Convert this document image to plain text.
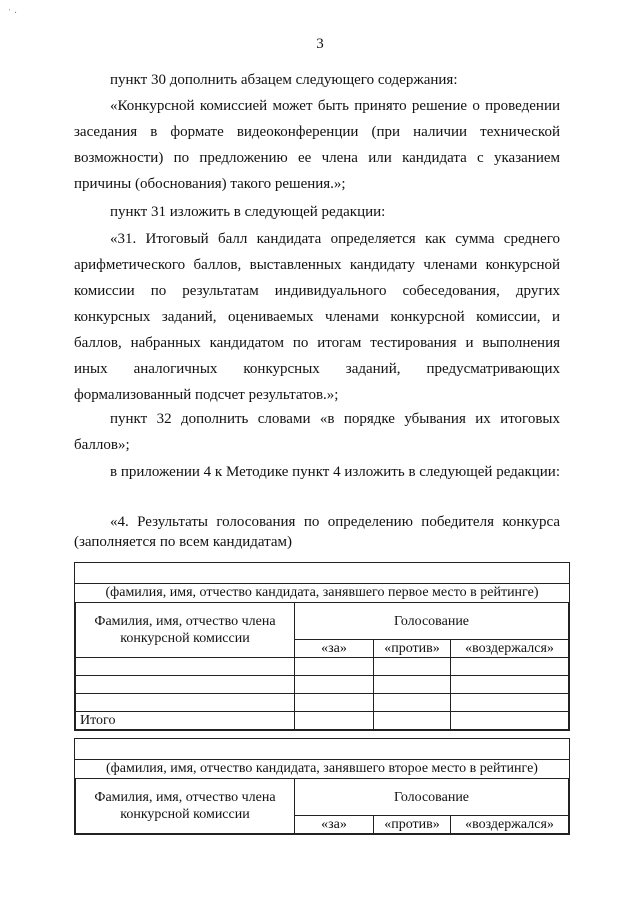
ˈ ·
3

пункт 30 дополнить абзацем следующего содержания:

«Конкурсной комиссией может быть принято решение о проведении заседания в формате видеоконференции (при наличии технической возможности) по предложению ее члена или кандидата с указанием причины (обоснования) такого решения.»;

пункт 31 изложить в следующей редакции:

«31. Итоговый балл кандидата определяется как сумма среднего арифметического баллов, выставленных кандидату членами конкурсной комиссии по результатам индивидуального собеседования, других конкурсных заданий, оцениваемых членами конкурсной комиссии, и баллов, набранных кандидатом по итогам тестирования и выполнения иных аналогичных конкурсных заданий, предусматривающих формализованный подсчет результатов.»;

пункт 32 дополнить словами «в порядке убывания их итоговых баллов»;

в приложении 4 к Методике пункт 4 изложить в следующей редакции:

«4. Результаты голосования по определению победителя конкурса (заполняется по всем кандидатам)

(фамилия, имя, отчество кандидата, занявшего первое место в рейтинге)
Фамилия, имя, отчество члена конкурсной комиссии	Голосование		
	«за»	«против»	«воздержался»

Итого			
(фамилия, имя, отчество кандидата, занявшего второе место в рейтинге)
Фамилия, имя, отчество члена конкурсной комиссии	Голосование		
	«за»	«против»	«воздержался»
